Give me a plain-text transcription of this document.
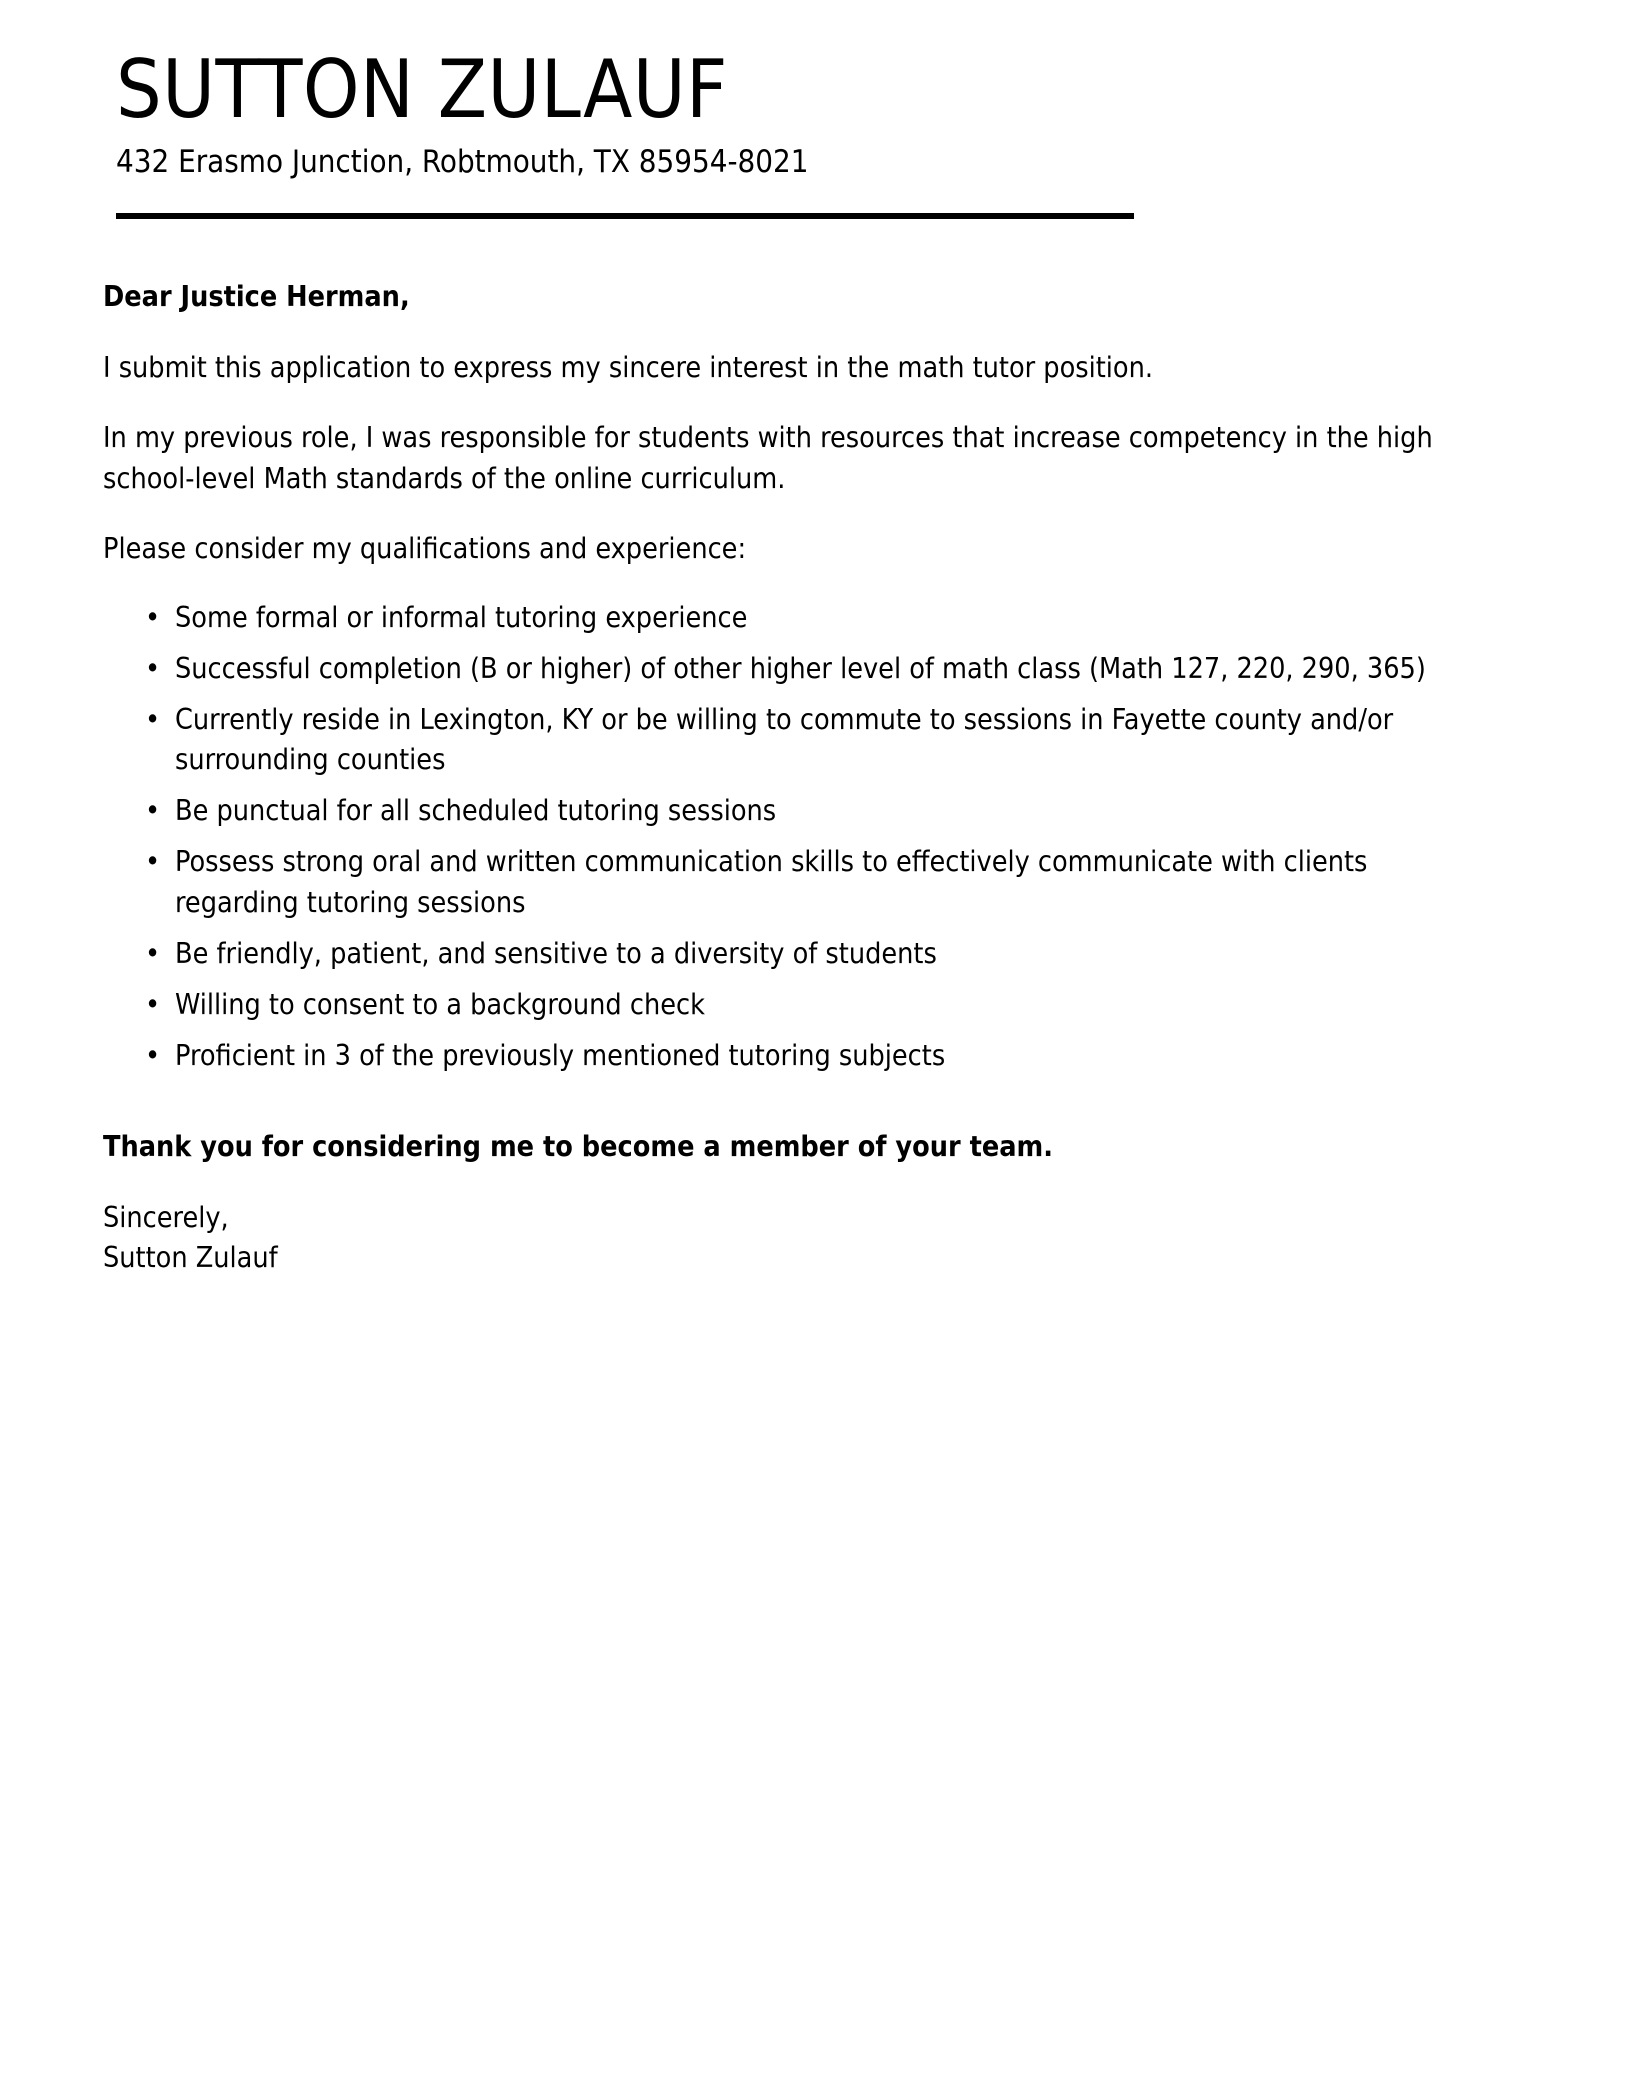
SUTTON ZULAUF

432 Erasmo Junction, Robtmouth, TX 85954-8021

Dear Justice Herman,

I submit this application to express my sincere interest in the math tutor position.

In my previous role, I was responsible for students with resources that increase competency in the high school-level Math standards of the online curriculum.

Please consider my qualifications and experience:

• Some formal or informal tutoring experience
• Successful completion (B or higher) of other higher level of math class (Math 127, 220, 290, 365)
• Currently reside in Lexington, KY or be willing to commute to sessions in Fayette county and/or surrounding counties
• Be punctual for all scheduled tutoring sessions
• Possess strong oral and written communication skills to effectively communicate with clients regarding tutoring sessions
• Be friendly, patient, and sensitive to a diversity of students
• Willing to consent to a background check
• Proficient in 3 of the previously mentioned tutoring subjects

Thank you for considering me to become a member of your team.

Sincerely,
Sutton Zulauf
